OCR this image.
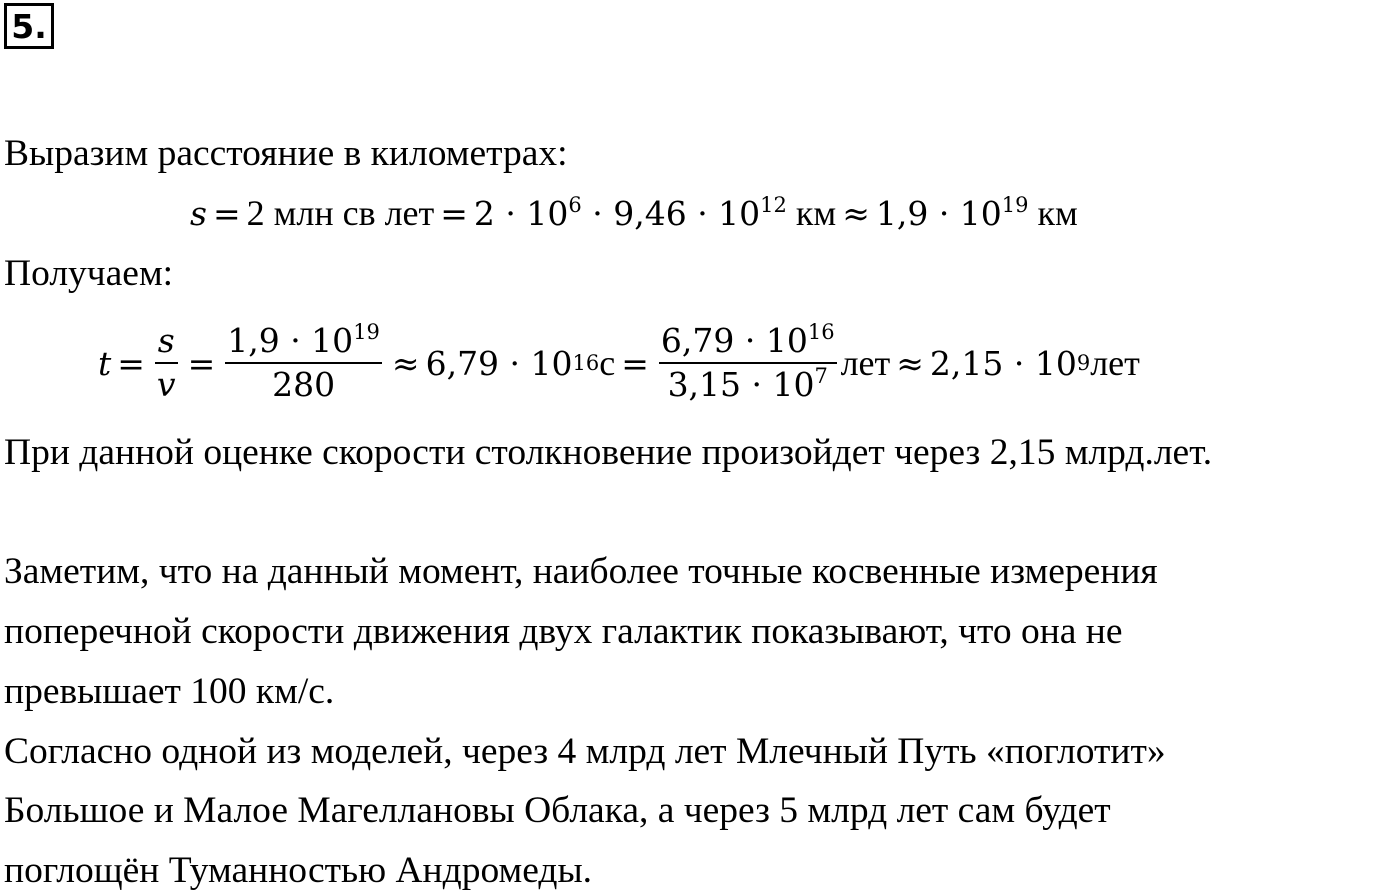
5.

Выразим расстояние в километрах:

s = 2 млн св лет = $2 \cdot 10^6 \cdot 9,46 \cdot 10^{12}$ км ≈ $1,9 \cdot 10^{19}$ км

Получаем:

$t = \frac{s}{v} = \frac{1,9 \cdot 10^{19}}{280} \approx 6,79 \cdot 10$ 16 $с = \frac{6,79 \cdot 10^{16}}{3,15 \cdot 10^7}$ лет ≈ 2,15 · 10 9 лет

При данной оценке скорости столкновение произойдет через 2,15 млрд.лет.

Заметим, что на данный момент, наиболее точные косвенные измерения

поперечной скорости движения двух галактик показывают, что она не

превышает 100 км/с.

Согласно одной из моделей, через 4 млрд лет Млечный Путь «поглотит»

Большое и Малое Магеллановы Облака, а через 5 млрд лет сам будет

поглощён Туманностью Андромеды.
